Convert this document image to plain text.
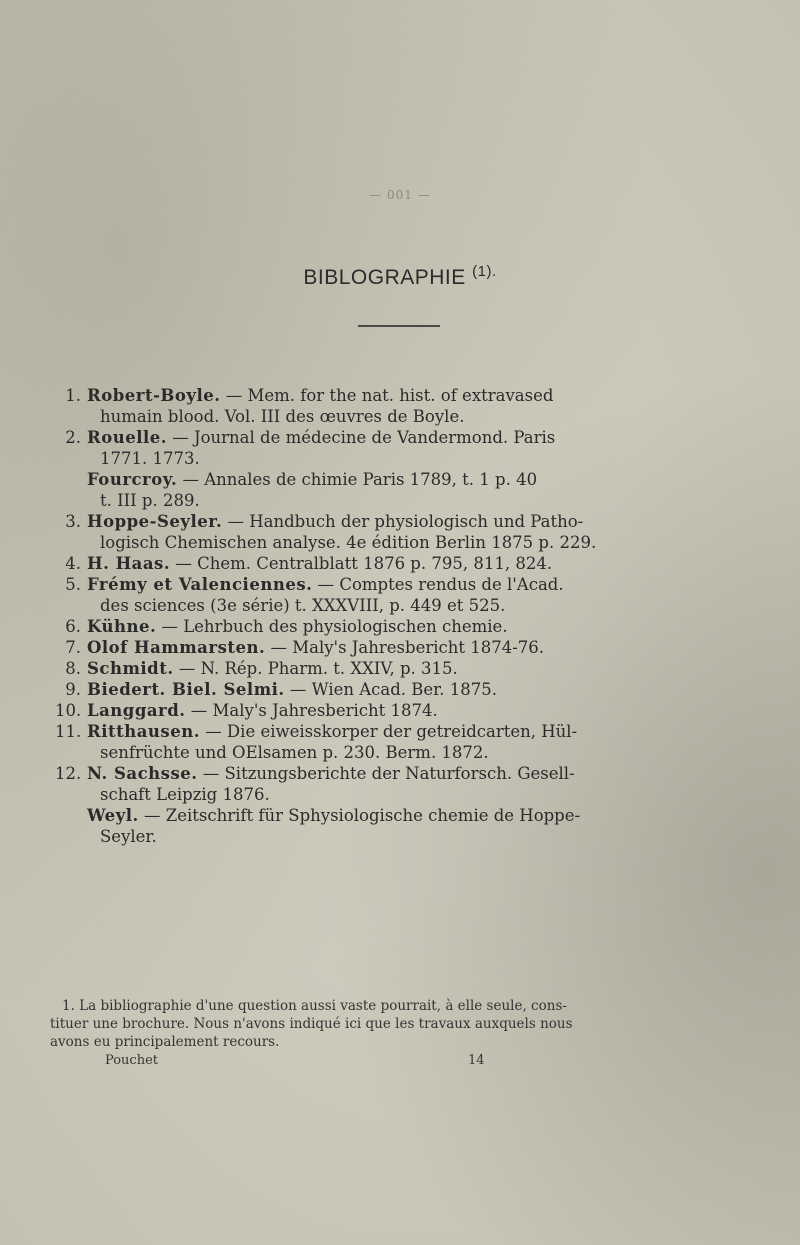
— 001 —
BIBLOGRAPHIE $^{(1).}$
1. Robert-Boyle. — Mem. for the nat. hist. of extravased
humain blood. Vol. III des œuvres de Boyle.
2. Rouelle. — Journal de médecine de Vandermond. Paris
1771. 1773.
Fourcroy. — Annales de chimie Paris 1789, t. 1 p. 40
t. III p. 289.
3. Hoppe-Seyler. — Handbuch der physiologisch und Patho-
logisch Chemischen analyse. 4e édition Berlin 1875 p. 229.
4. H. Haas. — Chem. Centralblatt 1876 p. 795, 811, 824.
5. Frémy et Valenciennes. — Comptes rendus de l'Acad.
des sciences (3e série) t. XXXVIII, p. 449 et 525.
6. Kühne. — Lehrbuch des physiologischen chemie.
7. Olof Hammarsten. — Maly's Jahresbericht 1874-76.
8. Schmidt. — N. Rép. Pharm. t. XXIV, p. 315.
9. Biedert. Biel. Selmi. — Wien Acad. Ber. 1875.
10. Langgard. — Maly's Jahresbericht 1874.
11. Ritthausen. — Die eiweisskorper der getreidcarten, Hül-
senfrüchte und OElsamen p. 230. Berm. 1872.
12. N. Sachsse. — Sitzungsberichte der Naturforsch. Gesell-
schaft Leipzig 1876.
Weyl. — Zeitschrift für Sphysiologische chemie de Hoppe-
Seyler.
1. La bibliographie d'une question aussi vaste pourrait, à elle seule, cons-
tituer une brochure. Nous n'avons indiqué ici que les travaux auxquels nous
avons eu principalement recours.
Pouchet	14
